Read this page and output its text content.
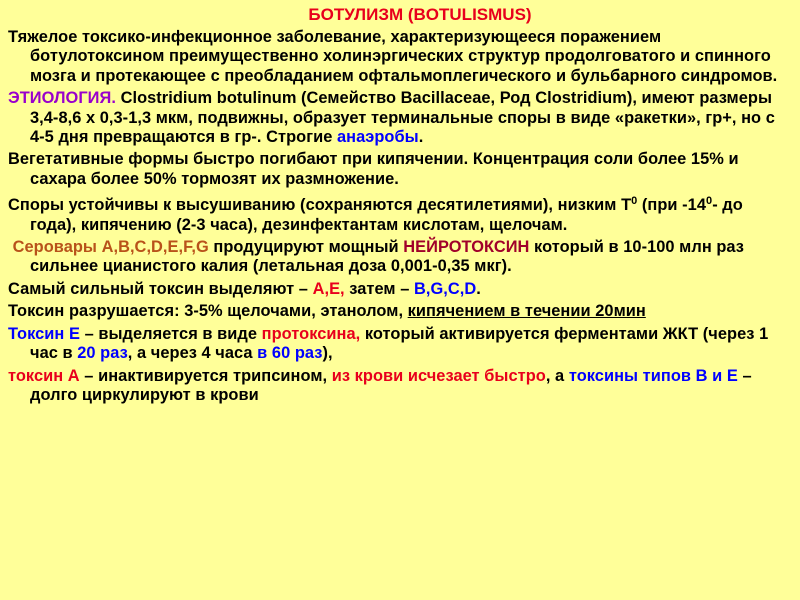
БОТУЛИЗМ (BOTULISMUS)

Тяжелое токсико-инфекционное заболевание, характеризующееся поражением ботулотоксином преимущественно холинэргических структур продолговатого и спинного мозга и протекающее с преобладанием офтальмоплегического и бульбарного синдромов.

ЭТИОЛОГИЯ. Clostridium botulinum (Семейство Bacillaceae, Род Clostridium), имеют размеры 3,4-8,6 х 0,3-1,3 мкм, подвижны, образует терминальные споры в виде «ракетки», гр+, но с 4-5 дня превращаются в гр-. Строгие анаэробы.

Вегетативные формы быстро погибают при кипячении. Концентрация соли более 15% и сахара более 50% тормозят их размножение.

Споры устойчивы к высушиванию (сохраняются десятилетиями), низким $Т^0$ (при $-14^0-$ до года), кипячению (2-3 часа), дезинфектантам кислотам, щелочам.

Серовары А,В,С,D,E,F,G продуцируют мощный НЕЙРОТОКСИН который в 10-100 млн раз сильнее цианистого калия (летальная доза 0,001-0,35 мкг).

Самый сильный токсин выделяют – А,Е, затем – В,G,C,D.

Токсин разрушается: 3-5% щелочами, этанолом, кипячением в течении 20мин

Токсин Е – выделяется в виде протоксина, который активируется ферментами ЖКТ (через 1 час в 20 раз, а через 4 часа в 60 раз),

токсин А – инактивируется трипсином, из крови исчезает быстро, а токсины типов В и Е – долго циркулируют в крови
